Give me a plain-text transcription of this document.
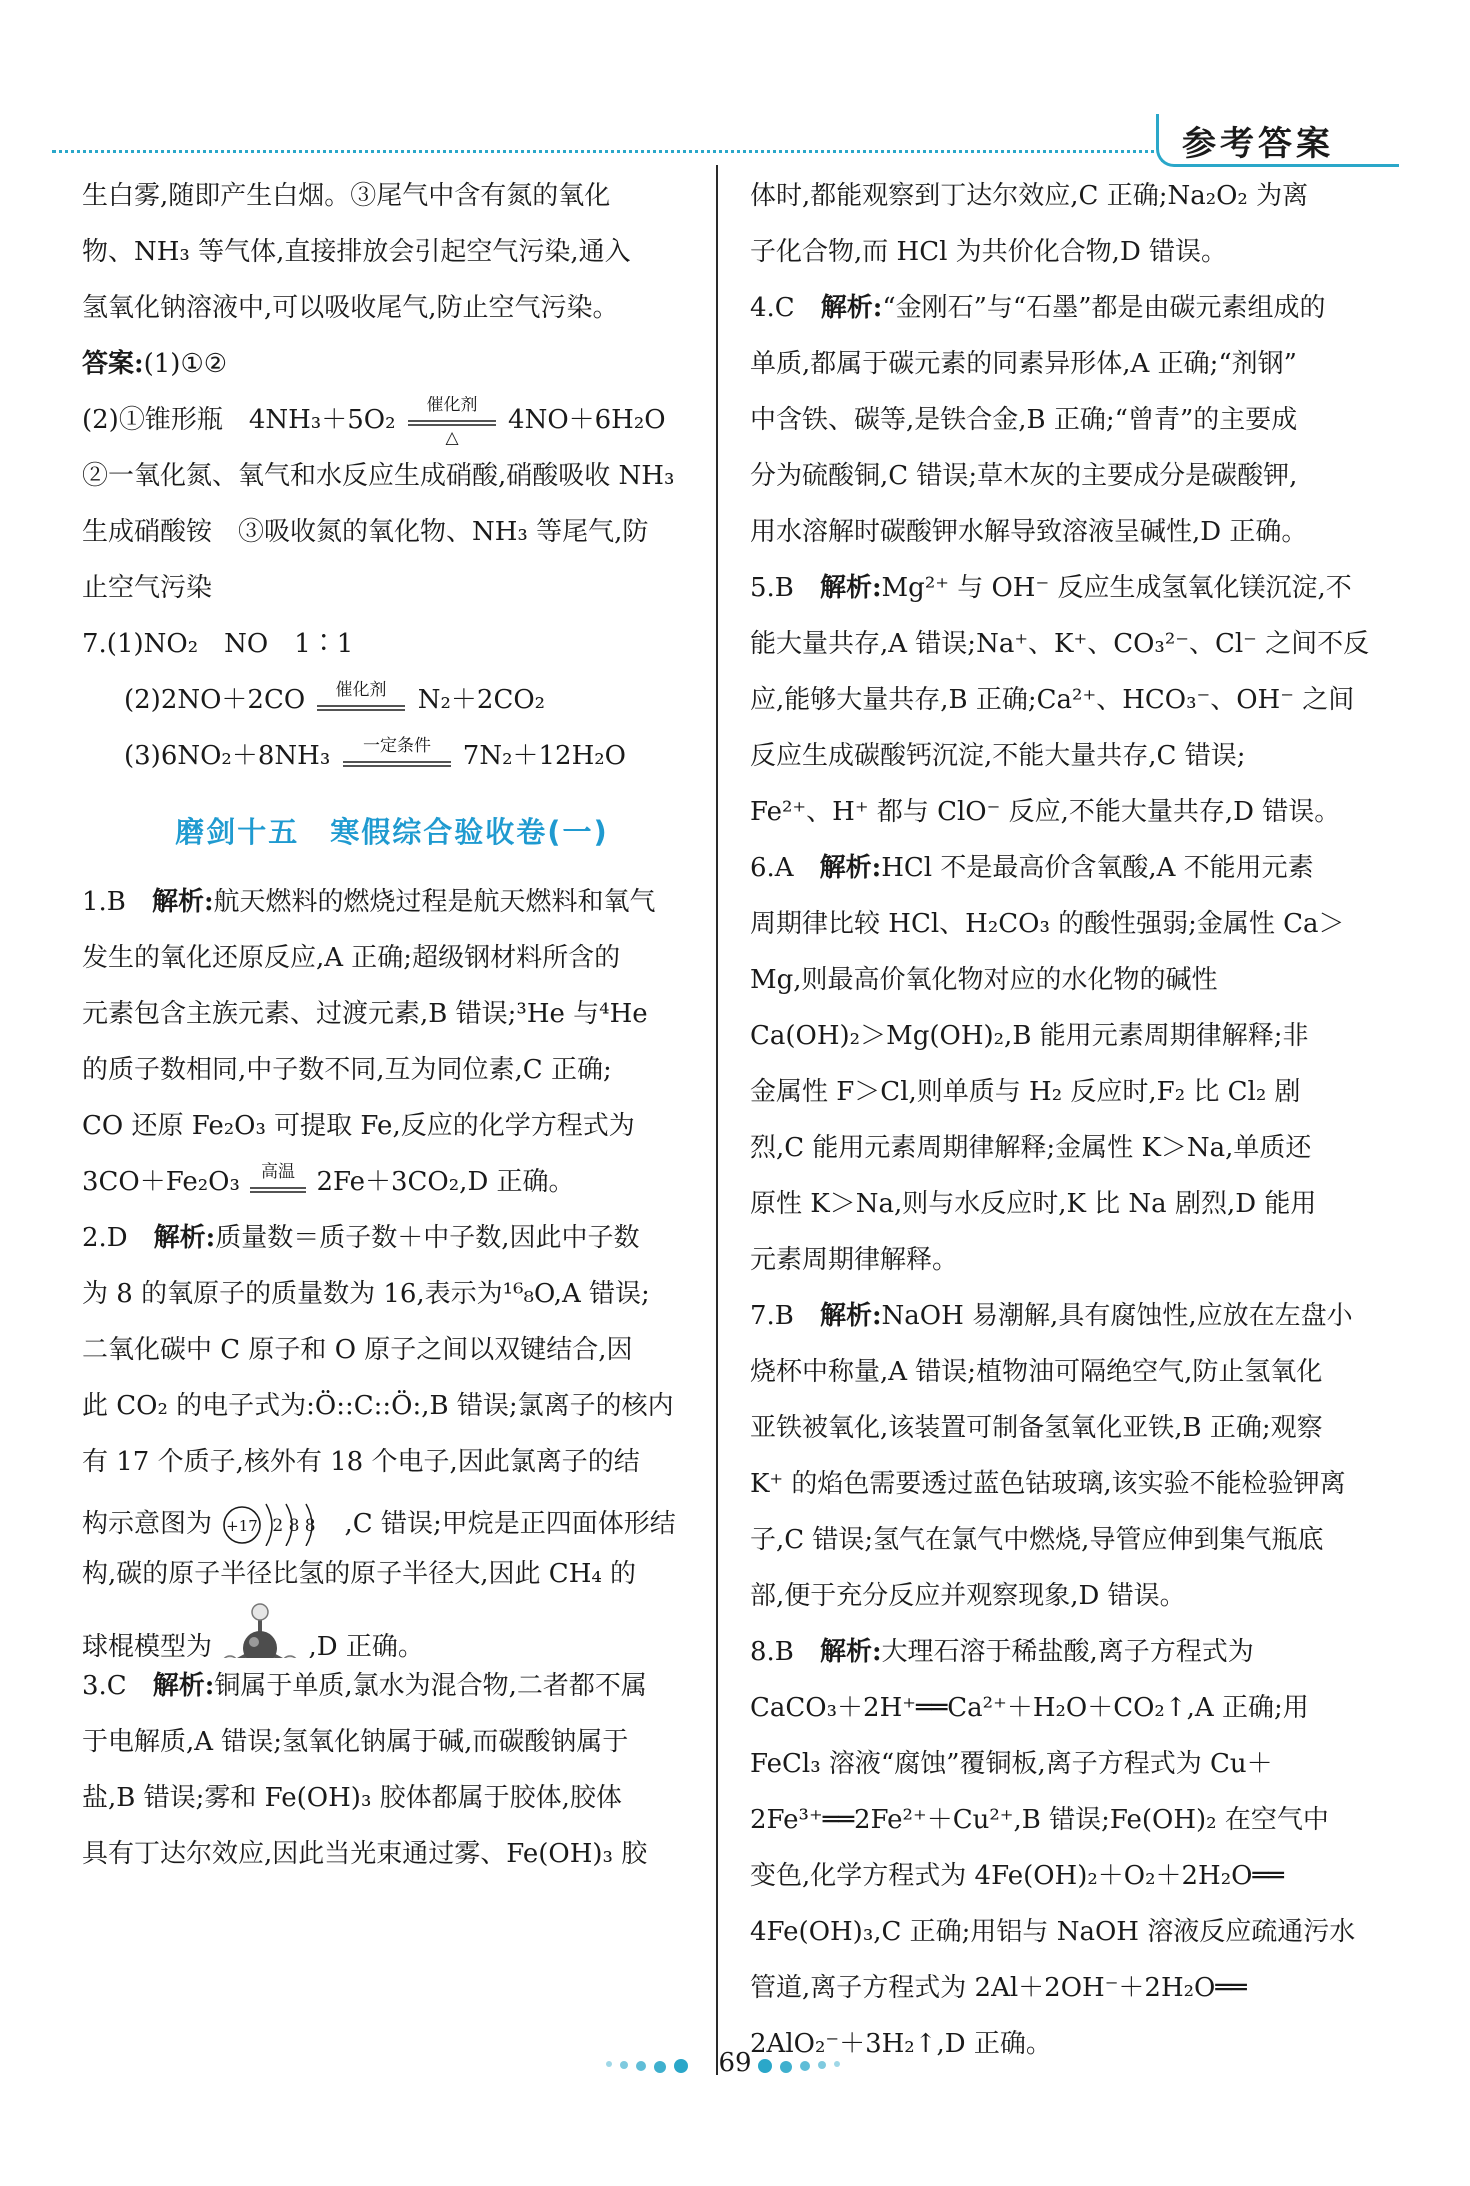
参考答案

生白雾,随即产生白烟。③尾气中含有氮的氧化

物、NH₃ 等气体,直接排放会引起空气污染,通入

氢氧化钠溶液中,可以吸收尾气,防止空气污染。

答案:(1)①②

(2)①锥形瓶　4NH₃＋5O₂ 催化剂
△
4NO＋6H₂O

②一氧化氮、氧气和水反应生成硝酸,硝酸吸收 NH₃

生成硝酸铵　③吸收氮的氧化物、NH₃ 等尾气,防

止空气污染

7.(1)NO₂　NO　1∶1

(2)2NO＋2CO 催化剂 N₂＋2CO₂

(3)6NO₂＋8NH₃ 一定条件 7N₂＋12H₂O

磨剑十五　寒假综合验收卷(一)

1.B　 解析:航天燃料的燃烧过程是航天燃料和氧气

发生的氧化还原反应,A 正确;超级钢材料所含的

元素包含主族元素、过渡元素,B 错误;³He 与⁴He

的质子数相同,中子数不同,互为同位素,C 正确;

CO 还原 Fe₂O₃ 可提取 Fe,反应的化学方程式为

3CO＋Fe₂O₃ 高温 2Fe＋3CO₂,D 正确。

2.D　 解析:质量数＝质子数＋中子数,因此中子数

为 8 的氧原子的质量数为 16,表示为¹⁶₈O,A 错误;

二氧化碳中 C 原子和 O 原子之间以双键结合,因

此 CO₂ 的电子式为:Ö::C::Ö:,B 错误;氯离子的核内

有 17 个质子,核外有 18 个电子,因此氯离子的结

构示意图为 +17 2 8 8 ,C 错误;甲烷是正四面体形结

构,碳的原子半径比氢的原子半径大,因此 CH₄ 的

球棍模型为	,D 正确。

3.C　 解析:铜属于单质,氯水为混合物,二者都不属

于电解质,A 错误;氢氧化钠属于碱,而碳酸钠属于

盐,B 错误;雾和 Fe(OH)₃ 胶体都属于胶体,胶体

具有丁达尔效应,因此当光束通过雾、Fe(OH)₃ 胶

体时,都能观察到丁达尔效应,C 正确;Na₂O₂ 为离

子化合物,而 HCl 为共价化合物,D 错误。

4.C　 解析:“金刚石”与“石墨”都是由碳元素组成的

单质,都属于碳元素的同素异形体,A 正确;“剂钢”

中含铁、碳等,是铁合金,B 正确;“曾青”的主要成

分为硫酸铜,C 错误;草木灰的主要成分是碳酸钾,

用水溶解时碳酸钾水解导致溶液呈碱性,D 正确。

5.B　 解析:Mg²⁺ 与 OH⁻ 反应生成氢氧化镁沉淀,不

能大量共存,A 错误;Na⁺、K⁺、CO₃²⁻、Cl⁻ 之间不反

应,能够大量共存,B 正确;Ca²⁺、HCO₃⁻、OH⁻ 之间

反应生成碳酸钙沉淀,不能大量共存,C 错误;

Fe²⁺、H⁺ 都与 ClO⁻ 反应,不能大量共存,D 错误。

6.A　 解析:HCl 不是最高价含氧酸,A 不能用元素

周期律比较 HCl、H₂CO₃ 的酸性强弱;金属性 Ca＞

Mg,则最高价氧化物对应的水化物的碱性

Ca(OH)₂＞Mg(OH)₂,B 能用元素周期律解释;非

金属性 F＞Cl,则单质与 H₂ 反应时,F₂ 比 Cl₂ 剧

烈,C 能用元素周期律解释;金属性 K＞Na,单质还

原性 K＞Na,则与水反应时,K 比 Na 剧烈,D 能用

元素周期律解释。

7.B　 解析:NaOH 易潮解,具有腐蚀性,应放在左盘小

烧杯中称量,A 错误;植物油可隔绝空气,防止氢氧化

亚铁被氧化,该装置可制备氢氧化亚铁,B 正确;观察

K⁺ 的焰色需要透过蓝色钴玻璃,该实验不能检验钾离

子,C 错误;氢气在氯气中燃烧,导管应伸到集气瓶底

部,便于充分反应并观察现象,D 错误。

8.B　 解析:大理石溶于稀盐酸,离子方程式为

CaCO₃＋2H⁺══Ca²⁺＋H₂O＋CO₂↑,A 正确;用

FeCl₃ 溶液“腐蚀”覆铜板,离子方程式为 Cu＋

2Fe³⁺══2Fe²⁺＋Cu²⁺,B 错误;Fe(OH)₂ 在空气中

变色,化学方程式为 4Fe(OH)₂＋O₂＋2H₂O══

4Fe(OH)₃,C 正确;用铝与 NaOH 溶液反应疏通污水

管道,离子方程式为 2Al＋2OH⁻＋2H₂O══

2AlO₂⁻＋3H₂↑,D 正确。

69
